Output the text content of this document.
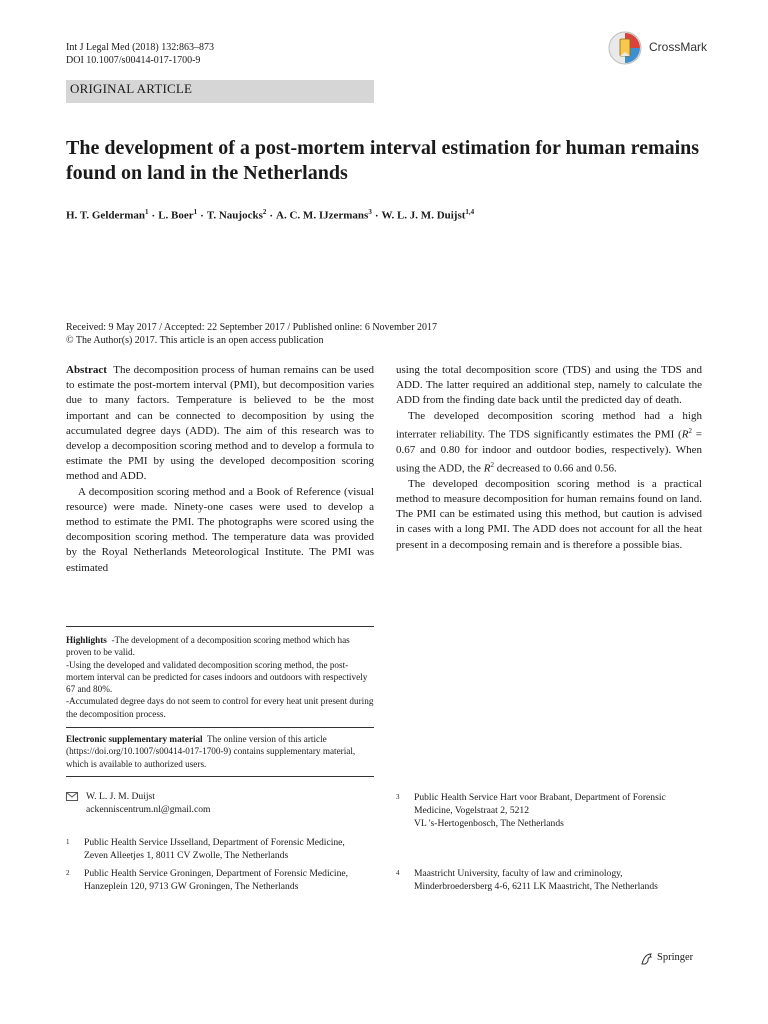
Int J Legal Med (2018) 132:863–873
DOI 10.1007/s00414-017-1700-9
CrossMark
ORIGINAL ARTICLE
The development of a post-mortem interval estimation for human remains found on land in the Netherlands
H. T. Gelderman$^1$ · L. Boer$^1$ · T. Naujocks$^2$ · A. C. M. IJzermans$^3$ · W. L. J. M. Duijst$^{1,4}$
Received: 9 May 2017 / Accepted: 22 September 2017 / Published online: 6 November 2017
© The Author(s) 2017. This article is an open access publication

Abstract The decomposition process of human remains can be used to estimate the post-mortem interval (PMI), but decomposition varies due to many factors. Temperature is believed to be the most important and can be connected to decomposition by using the accumulated degree days (ADD). The aim of this research was to develop a decomposition scoring method and to develop a formula to estimate the PMI by using the developed decomposition scoring method and ADD.

A decomposition scoring method and a Book of Reference (visual resource) were made. Ninety-one cases were used to develop a method to estimate the PMI. The photographs were scored using the decomposition scoring method. The temperature data was provided by the Royal Netherlands Meteorological Institute. The PMI was estimated

using the total decomposition score (TDS) and using the TDS and ADD. The latter required an additional step, namely to calculate the ADD from the finding date back until the predicted day of death.

The developed decomposition scoring method had a high interrater reliability. The TDS significantly estimates the PMI ($R^2 = 0.67$ and 0.80 for indoor and outdoor bodies, respectively). When using the ADD, the $R^2$ decreased to 0.66 and 0.56.

The developed decomposition scoring method is a practical method to measure decomposition for human remains found on land. The PMI can be estimated using this method, but caution is advised in cases with a long PMI. The ADD does not account for all the heat present in a decomposing remain and is therefore a possible bias.

Highlights -The development of a decomposition scoring method which has proven to be valid.

-Using the developed and validated decomposition scoring method, the post-mortem interval can be predicted for cases indoors and outdoors with respectively 67 and 80%.

-Accumulated degree days do not seem to control for every heat unit present during the decomposition process.

Electronic supplementary material The online version of this article (https://doi.org/10.1007/s00414-017-1700-9) contains supplementary material, which is available to authorized users.

W. L. J. M. Duijst
ackenniscentrum.nl@gmail.com
1 Public Health Service IJsselland, Department of Forensic Medicine,
Zeven Alleetjes 1, 8011 CV Zwolle, The Netherlands
2 Public Health Service Groningen, Department of Forensic Medicine,
Hanzeplein 120, 9713 GW Groningen, The Netherlands
3 Public Health Service Hart voor Brabant, Department of Forensic
Medicine, Vogelstraat 2, 5212
VL 's-Hertogenbosch, The Netherlands
4 Maastricht University, faculty of law and criminology,
Minderbroedersberg 4-6, 6211 LK Maastricht, The Netherlands
Springer
